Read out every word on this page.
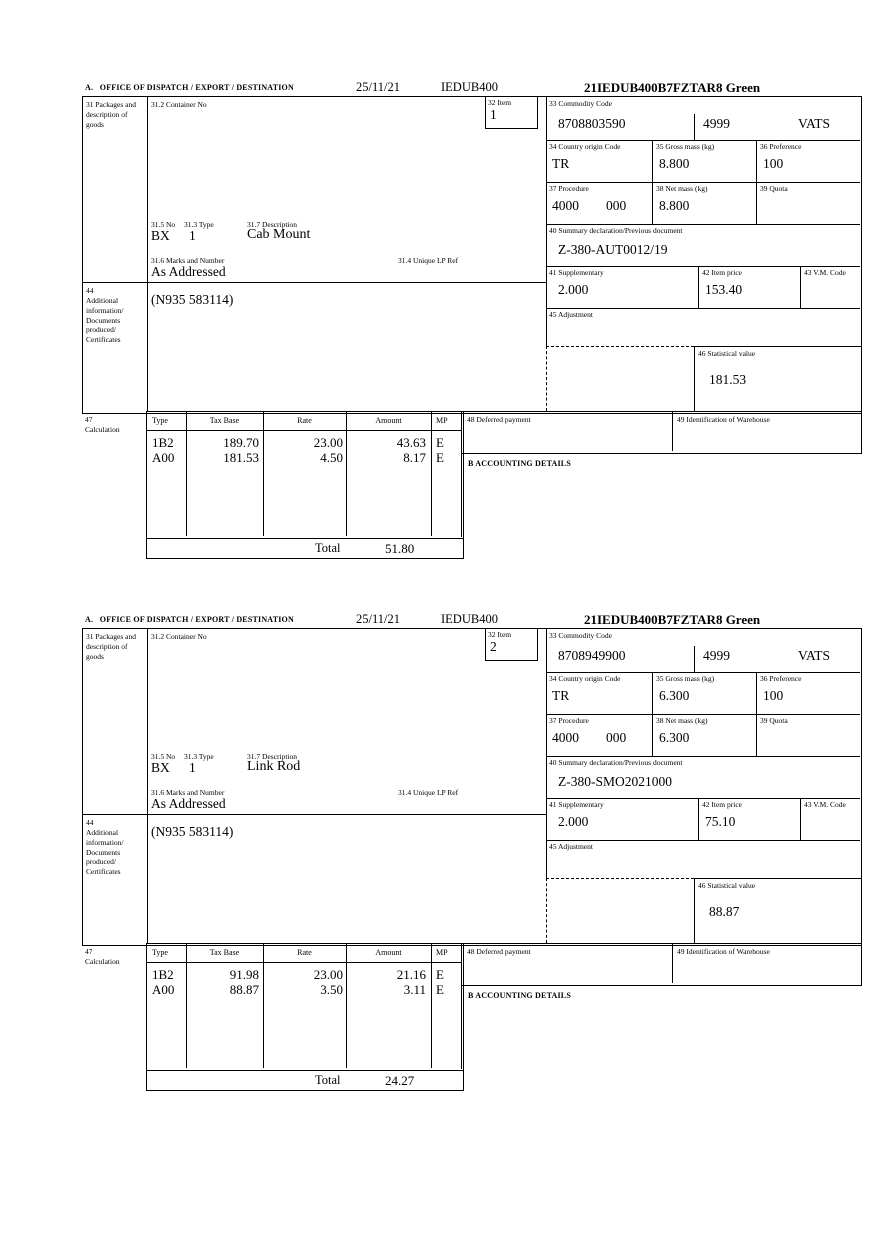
A.   OFFICE OF DISPATCH / EXPORT / DESTINATION	25/11/21	IEDUB400	21IEDUB400B7FZTAR8 Green
31 Packages and description of goods
31.2 Container No	32 Item
1
33 Commodity Code
8708803590	4999	VATS
34 Country origin Code
TR
35 Gross mass (kg)
8.800
36 Preference
100
37 Procedure
4000 000
38 Net mass (kg)
8.800
39 Quota
40 Summary declaration/Previous document
Z-380-AUT0012/19
41 Supplementary
2.000
42 Item price
153.40
43 V.M. Code
45 Adjustment
46 Statistical value
181.53
31.5 No 31.3 Type	31.7 Description
BX 1	Cab Mount
31.6 Marks and Number	31.4 Unique LP Ref
As Addressed
44
Additional information/ Documents produced/ Certificates
(N935 583114)
47 Calculation
Type	Tax Base	Rate	Amount	MP
1B2	189.70	23.00	43.63 E
A00	181.53	4.50	8.17 E
Total	51.80
48 Deferred payment	49 Identification of Warehouse
B ACCOUNTING DETAILS
A.   OFFICE OF DISPATCH / EXPORT / DESTINATION	25/11/21	IEDUB400	21IEDUB400B7FZTAR8 Green
31 Packages and description of goods
31.2 Container No	32 Item
2
33 Commodity Code
8708949900	4999	VATS
34 Country origin Code
TR
35 Gross mass (kg)
6.300
36 Preference
100
37 Procedure
4000 000
38 Net mass (kg)
6.300
39 Quota
40 Summary declaration/Previous document
Z-380-SMO2021000
41 Supplementary
2.000
42 Item price
75.10
43 V.M. Code
45 Adjustment
46 Statistical value
88.87
31.5 No 31.3 Type	31.7 Description
BX 1	Link Rod
31.6 Marks and Number	31.4 Unique LP Ref
As Addressed
44
Additional information/ Documents produced/ Certificates
(N935 583114)
47 Calculation
Type	Tax Base	Rate	Amount	MP
1B2	91.98	23.00	21.16 E
A00	88.87	3.50	3.11 E
Total	24.27
48 Deferred payment	49 Identification of Warehouse
B ACCOUNTING DETAILS
